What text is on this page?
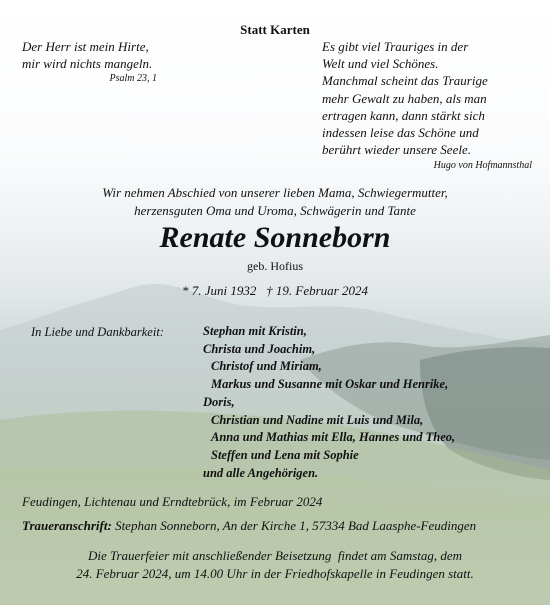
Statt Karten
Der Herr ist mein Hirte,
mir wird nichts mangeln.
Psalm 23, 1
Es gibt viel Trauriges in der
Welt und viel Schönes.
Manchmal scheint das Traurige
mehr Gewalt zu haben, als man
ertragen kann, dann stärkt sich
indessen leise das Schöne und
berührt wieder unsere Seele.
Hugo von Hofmannsthal
Wir nehmen Abschied von unserer lieben Mama, Schwiegermutter,
herzensguten Oma und Uroma, Schwägerin und Tante
Renate Sonneborn
geb. Hofius
* 7. Juni 1932   † 19. Februar 2024
In Liebe und Dankbarkeit:	Stephan mit Kristin,
Christa und Joachim,
Christof und Miriam,
Markus und Susanne mit Oskar und Henrike,
Doris,
Christian und Nadine mit Luis und Mila,
Anna und Mathias mit Ella, Hannes und Theo,
Steffen und Lena mit Sophie
und alle Angehörigen.
Feudingen, Lichtenau und Erndtebrück, im Februar 2024
Traueranschrift: Stephan Sonneborn, An der Kirche 1, 57334 Bad Laasphe-Feudingen
Die Trauerfeier mit anschließender Beisetzung  findet am Samstag, dem
24. Februar 2024, um 14.00 Uhr in der Friedhofskapelle in Feudingen statt.
